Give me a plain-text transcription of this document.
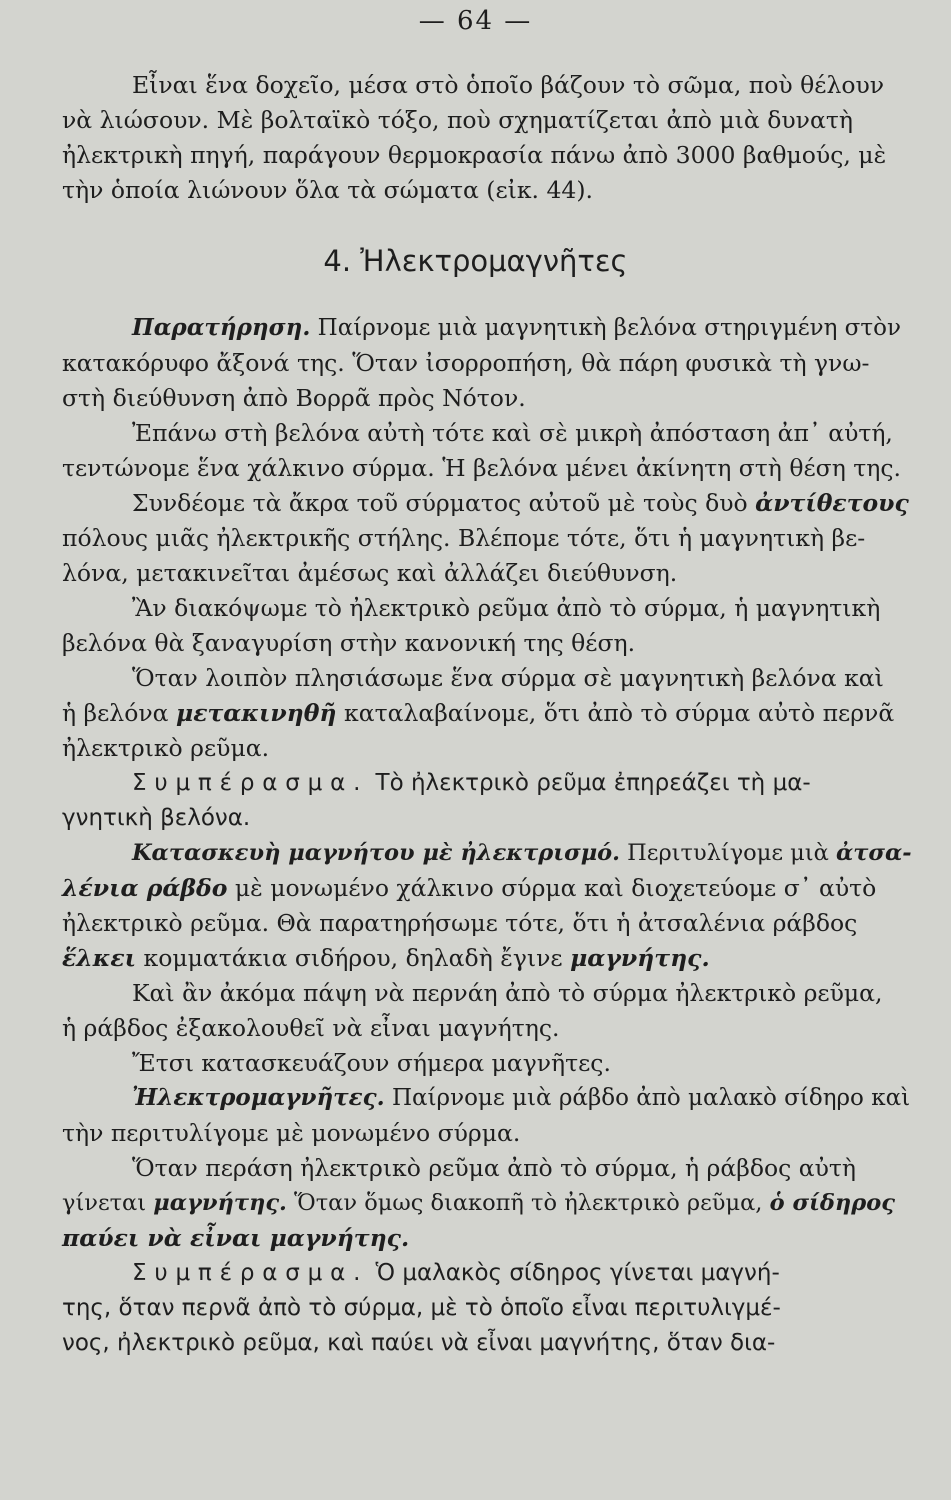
— 64 —
Εἶναι ἕνα δοχεῖο, μέσα στὸ ὁποῖο βάζουν τὸ σῶμα, ποὺ θέλουν
νὰ λιώσουν. Μὲ βολταϊκὸ τόξο, ποὺ σχηματίζεται ἀπὸ μιὰ δυνατὴ
ἠλεκτρικὴ πηγή, παράγουν θερμοκρασία πάνω ἀπὸ 3000 βαθμούς, μὲ
τὴν ὁποία λιώνουν ὅλα τὰ σώματα (εἰκ. 44).
4. Ἠλεκτρομαγνῆτες
Παρατήρηση. Παίρνομε μιὰ μαγνητικὴ βελόνα στηριγμένη στὸν
κατακόρυφο ἄξονά της. Ὅταν ἰσορροπήση, θὰ πάρη φυσικὰ τὴ γνω-
στὴ διεύθυνση ἀπὸ Βορρᾶ πρὸς Νότον.
Ἐπάνω στὴ βελόνα αὐτὴ τότε καὶ σὲ μικρὴ ἀπόσταση ἀπ᾿ αὐτή,
τεντώνομε ἕνα χάλκινο σύρμα. Ἡ βελόνα μένει ἀκίνητη στὴ θέση της.
Συνδέομε τὰ ἄκρα τοῦ σύρματος αὐτοῦ μὲ τοὺς δυὸ ἀντίθετους
πόλους μιᾶς ἠλεκτρικῆς στήλης. Βλέπομε τότε, ὅτι ἡ μαγνητικὴ βε-
λόνα, μετακινεῖται ἀμέσως καὶ ἀλλάζει διεύθυνση.
Ἂν διακόψωμε τὸ ἠλεκτρικὸ ρεῦμα ἀπὸ τὸ σύρμα, ἡ μαγνητικὴ
βελόνα θὰ ξαναγυρίση στὴν κανονική της θέση.
Ὅταν λοιπὸν πλησιάσωμε ἕνα σύρμα σὲ μαγνητικὴ βελόνα καὶ
ἡ βελόνα μετακινηθῆ καταλαβαίνομε, ὅτι ἀπὸ τὸ σύρμα αὐτὸ περνᾶ
ἠλεκτρικὸ ρεῦμα.
Συμπέρασμα. Τὸ ἠλεκτρικὸ ρεῦμα ἐπηρεάζει τὴ μα-
γνητικὴ βελόνα.
Κατασκευὴ μαγνήτου μὲ ἠλεκτρισμό. Περιτυλίγομε μιὰ ἀτσα-
λένια ράβδο μὲ μονωμένο χάλκινο σύρμα καὶ διοχετεύομε σ᾿ αὐτὸ
ἠλεκτρικὸ ρεῦμα. Θὰ παρατηρήσωμε τότε, ὅτι ἡ ἀτσαλένια ράβδος
ἕλκει κομματάκια σιδήρου, δηλαδὴ ἔγινε μαγνήτης.
Καὶ ἂν ἀκόμα πάψη νὰ περνάη ἀπὸ τὸ σύρμα ἠλεκτρικὸ ρεῦμα,
ἡ ράβδος ἐξακολουθεῖ νὰ εἶναι μαγνήτης.
Ἔτσι κατασκευάζουν σήμερα μαγνῆτες.
Ἠλεκτρομαγνῆτες. Παίρνομε μιὰ ράβδο ἀπὸ μαλακὸ σίδηρο καὶ
τὴν περιτυλίγομε μὲ μονωμένο σύρμα.
Ὅταν περάση ἠλεκτρικὸ ρεῦμα ἀπὸ τὸ σύρμα, ἡ ράβδος αὐτὴ
γίνεται μαγνήτης. Ὅταν ὅμως διακοπῆ τὸ ἠλεκτρικὸ ρεῦμα, ὁ σίδηρος
παύει νὰ εἶναι μαγνήτης.
Συμπέρασμα. Ὁ μαλακὸς σίδηρος γίνεται μαγνή-
της, ὅταν περνᾶ ἀπὸ τὸ σύρμα, μὲ τὸ ὁποῖο εἶναι περιτυλιγμέ-
νος, ἠλεκτρικὸ ρεῦμα, καὶ παύει νὰ εἶναι μαγνήτης, ὅταν δια-
